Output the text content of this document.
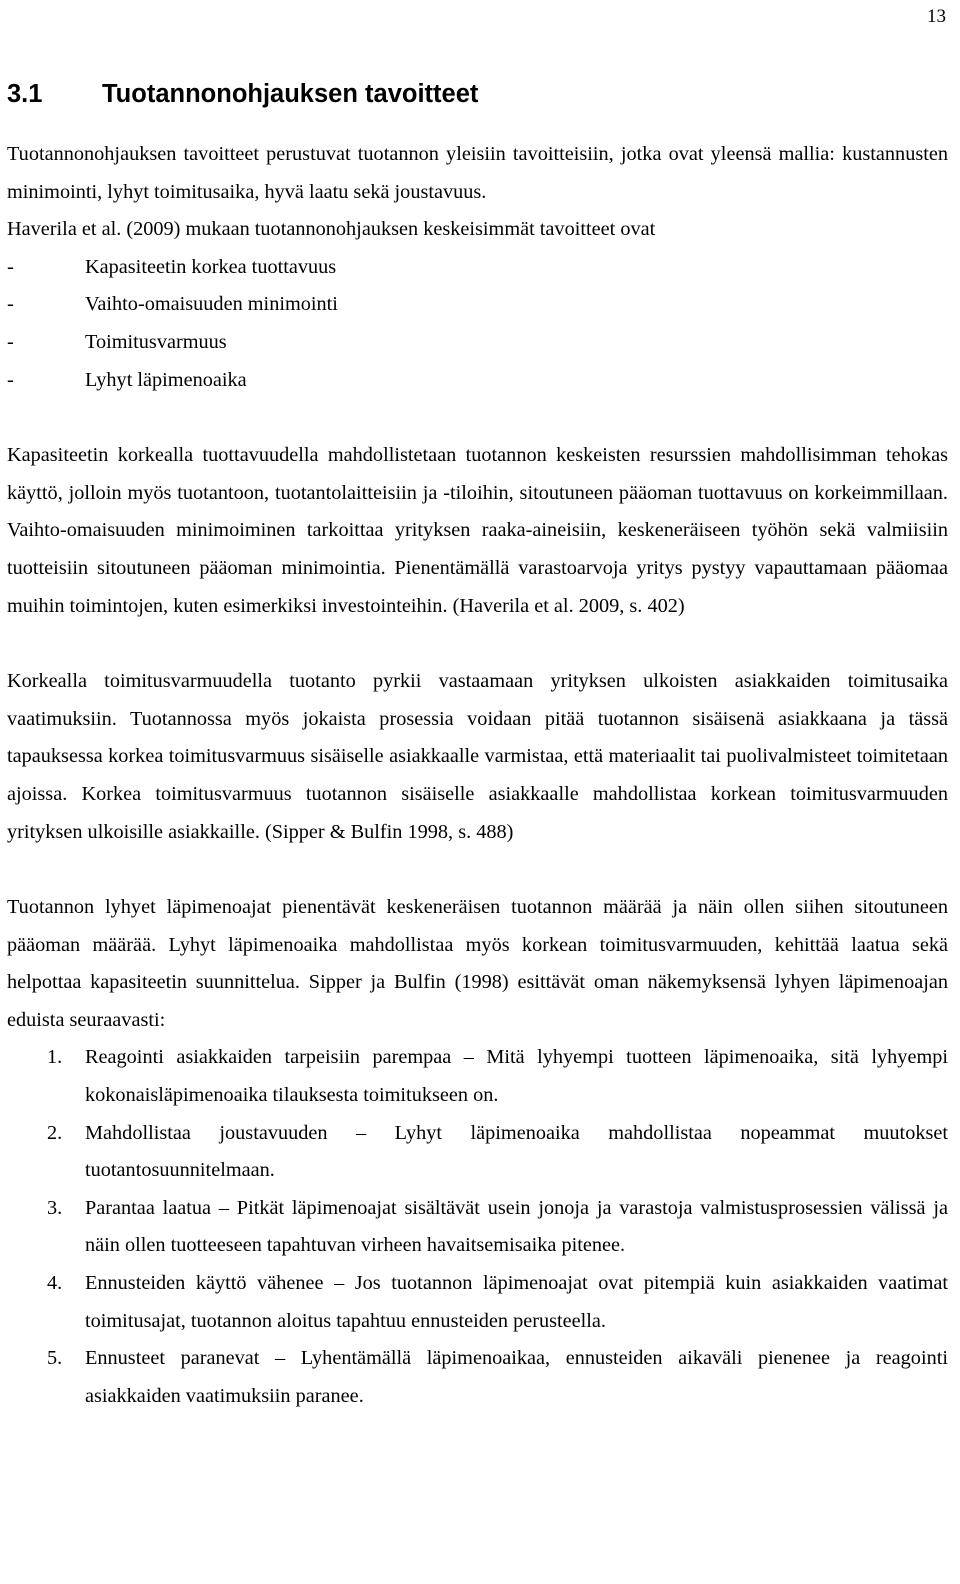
13
3.1 Tuotannonohjauksen tavoitteet

Tuotannonohjauksen tavoitteet perustuvat tuotannon yleisiin tavoitteisiin, jotka ovat yleensä mallia: kustannusten minimointi, lyhyt toimitusaika, hyvä laatu sekä joustavuus.

Haverila et al. (2009) mukaan tuotannonohjauksen keskeisimmät tavoitteet ovat

-	Kapasiteetin korkea tuottavuus
-	Vaihto-omaisuuden minimointi
-	Toimitusvarmuus
-	Lyhyt läpimenoaika

Kapasiteetin korkealla tuottavuudella mahdollistetaan tuotannon keskeisten resurssien mahdollisimman tehokas käyttö, jolloin myös tuotantoon, tuotantolaitteisiin ja -tiloihin, sitoutuneen pääoman tuottavuus on korkeimmillaan. Vaihto-omaisuuden minimoiminen tarkoittaa yrityksen raaka-aineisiin, keskeneräiseen työhön sekä valmiisiin tuotteisiin sitoutuneen pääoman minimointia. Pienentämällä varastoarvoja yritys pystyy vapauttamaan pääomaa muihin toimintojen, kuten esimerkiksi investointeihin. (Haverila et al. 2009, s. 402)

Korkealla toimitusvarmuudella tuotanto pyrkii vastaamaan yrityksen ulkoisten asiakkaiden toimitusaika vaatimuksiin. Tuotannossa myös jokaista prosessia voidaan pitää tuotannon sisäisenä asiakkaana ja tässä tapauksessa korkea toimitusvarmuus sisäiselle asiakkaalle varmistaa, että materiaalit tai puolivalmisteet toimitetaan ajoissa. Korkea toimitusvarmuus tuotannon sisäiselle asiakkaalle mahdollistaa korkean toimitusvarmuuden yrityksen ulkoisille asiakkaille. (Sipper & Bulfin 1998, s. 488)

Tuotannon lyhyet läpimenoajat pienentävät keskeneräisen tuotannon määrää ja näin ollen siihen sitoutuneen pääoman määrää. Lyhyt läpimenoaika mahdollistaa myös korkean toimitusvarmuuden, kehittää laatua sekä helpottaa kapasiteetin suunnittelua. Sipper ja Bulfin (1998) esittävät oman näkemyksensä lyhyen läpimenoajan eduista seuraavasti:

1.	Reagointi asiakkaiden tarpeisiin parempaa – Mitä lyhyempi tuotteen läpimenoaika, sitä lyhyempi kokonaisläpimenoaika tilauksesta toimitukseen on.
2.	Mahdollistaa joustavuuden – Lyhyt läpimenoaika mahdollistaa nopeammat muutokset tuotantosuunnitelmaan.
3.	Parantaa laatua – Pitkät läpimenoajat sisältävät usein jonoja ja varastoja valmistusprosessien välissä ja näin ollen tuotteeseen tapahtuvan virheen havaitsemisaika pitenee.
4.	Ennusteiden käyttö vähenee – Jos tuotannon läpimenoajat ovat pitempiä kuin asiakkaiden vaatimat toimitusajat, tuotannon aloitus tapahtuu ennusteiden perusteella.
5.	Ennusteet paranevat – Lyhentämällä läpimenoaikaa, ennusteiden aikaväli pienenee ja reagointi asiakkaiden vaatimuksiin paranee.
